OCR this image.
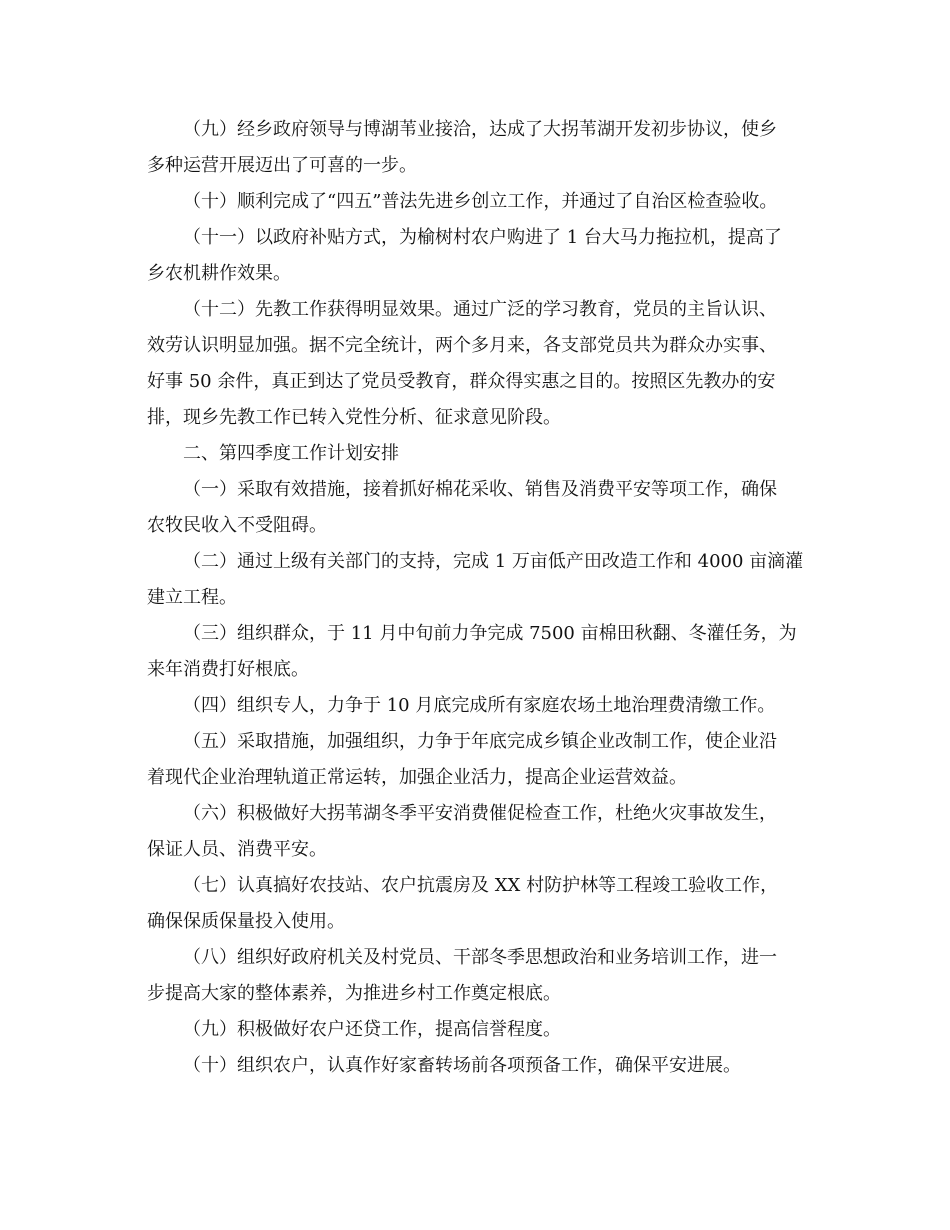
（九）经乡政府领导与博湖苇业接洽，达成了大拐苇湖开发初步协议，使乡
多种运营开展迈出了可喜的一步。
（十）顺利完成了“四五”普法先进乡创立工作，并通过了自治区检查验收。
（十一）以政府补贴方式，为榆树村农户购进了 1 台大马力拖拉机，提高了
乡农机耕作效果。
（十二）先教工作获得明显效果。通过广泛的学习教育，党员的主旨认识、
效劳认识明显加强。据不完全统计，两个多月来，各支部党员共为群众办实事、
好事 50 余件，真正到达了党员受教育，群众得实惠之目的。按照区先教办的安
排，现乡先教工作已转入党性分析、征求意见阶段。
二、第四季度工作计划安排
（一）采取有效措施，接着抓好棉花采收、销售及消费平安等项工作，确保
农牧民收入不受阻碍。
（二）通过上级有关部门的支持，完成 1 万亩低产田改造工作和 4000 亩滴灌
建立工程。
（三）组织群众，于 11 月中旬前力争完成 7500 亩棉田秋翻、冬灌任务，为
来年消费打好根底。
（四）组织专人，力争于 10 月底完成所有家庭农场土地治理费清缴工作。
（五）采取措施，加强组织，力争于年底完成乡镇企业改制工作，使企业沿
着现代企业治理轨道正常运转，加强企业活力，提高企业运营效益。
（六）积极做好大拐苇湖冬季平安消费催促检查工作，杜绝火灾事故发生，
保证人员、消费平安。
（七）认真搞好农技站、农户抗震房及 XX 村防护林等工程竣工验收工作，
确保保质保量投入使用。
（八）组织好政府机关及村党员、干部冬季思想政治和业务培训工作，进一
步提高大家的整体素养，为推进乡村工作奠定根底。
（九）积极做好农户还贷工作，提高信誉程度。
（十）组织农户，认真作好家畜转场前各项预备工作，确保平安进展。
